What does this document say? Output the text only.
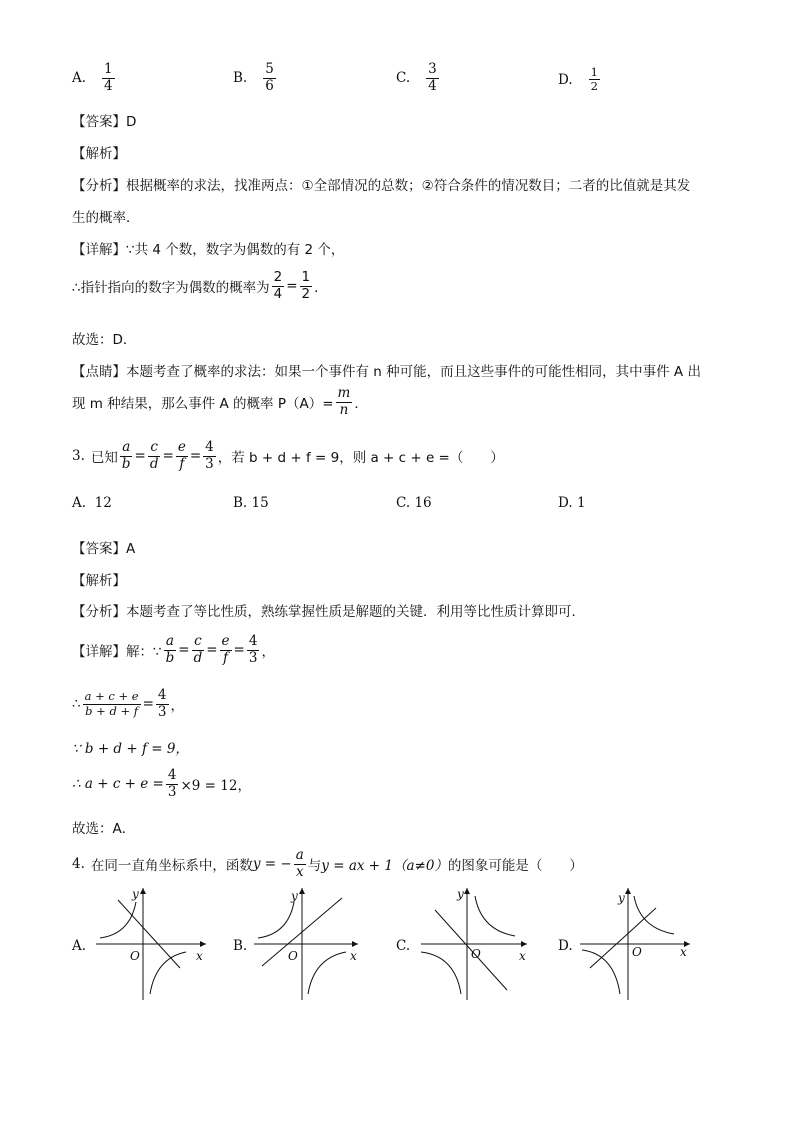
A. $\frac{1}{4}$	B. $\frac{5}{6}$	C. $\frac{3}{4}$	D. $\frac{1}{2}$
【答案】D
【解析】
【分析】根据概率的求法，找准两点：①全部情况的总数；②符合条件的情况数目；二者的比值就是其发
生的概率．
【详解】∵共 4 个数，数字为偶数的有 2 个，
∴指针指向的数字为偶数的概率为 $\frac{2}{4} = \frac{1}{2}$ ．
故选：D．
【点睛】本题考查了概率的求法：如果一个事件有 n 种可能，而且这些事件的可能性相同，其中事件 A 出
现 m 种结果，那么事件 A 的概率 $P(A)= \frac{m}{n}$ ．
3. 已知 $\frac{a}{b} = \frac{c}{d} = \frac{e}{f} = \frac{4}{3}$ ，若 b + d + f = 9，则 a + c + e =（　　）
A. 12	B. 15	C. 16	D. 1
【答案】A
【解析】
【分析】本题考查了等比性质，熟练掌握性质是解题的关键．利用等比性质计算即可．
【详解】 解：∵ $\frac{a}{b} = \frac{c}{d} = \frac{e}{f} = \frac{4}{3}$ ，
∴ $\frac{a + c + e}{b + d + f} = \frac{4}{3}$ ，
∵ b + d + f = 9，
∴ $a + c + e = \frac{4}{3} \times 9 = 12$，
故选：A．
4. 在同一直角坐标系中，函数 y = − $\frac{a}{x}$ 与 y = ax + 1（a≠0） 的图象可能是（　　）
A.
x
y
O
B.
x
y
O
C.
x
y
O	D.	x
y
O
